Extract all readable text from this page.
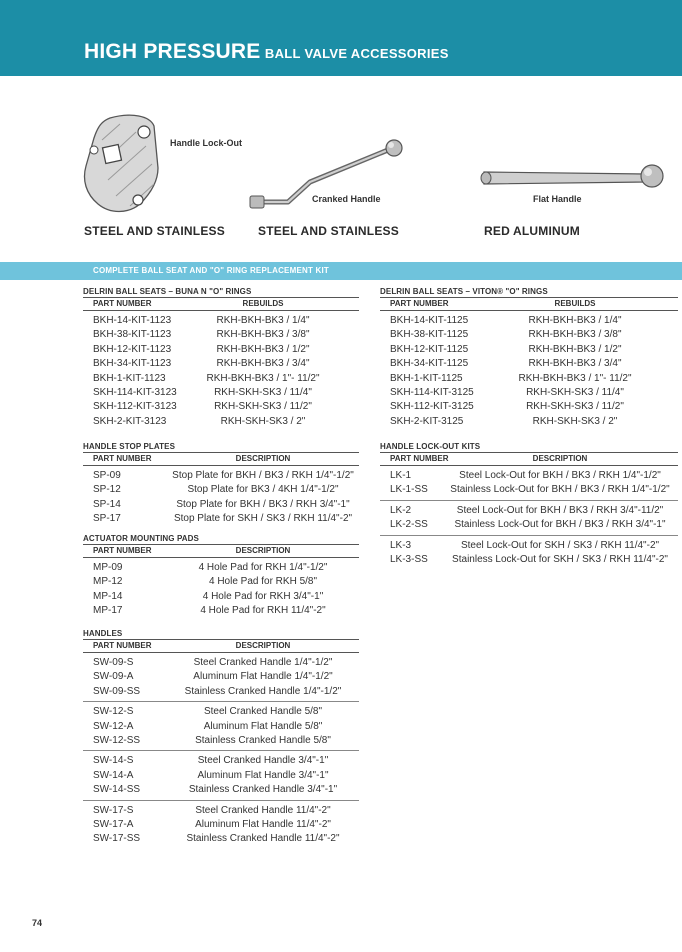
HIGH PRESSURE BALL VALVE ACCESSORIES
Handle Lock-Out
Cranked Handle	Flat Handle
STEEL AND STAINLESS	STEEL AND STAINLESS	RED ALUMINUM
COMPLETE BALL SEAT AND "O" RING REPLACEMENT KIT
DELRIN BALL SEATS – BUNA N "O" RINGS
PART NUMBER	REBUILDS
BKH-14-KIT-1123	RKH-BKH-BK3 / 1/4"
BKH-38-KIT-1123	RKH-BKH-BK3 / 3/8"
BKH-12-KIT-1123	RKH-BKH-BK3 / 1/2"
BKH-34-KIT-1123	RKH-BKH-BK3 / 3/4"
BKH-1-KIT-1123	RKH-BKH-BK3 / 1"- 11/2"
SKH-114-KIT-3123	RKH-SKH-SK3 / 11/4"
SKH-112-KIT-3123	RKH-SKH-SK3 / 11/2"
SKH-2-KIT-3123	RKH-SKH-SK3 / 2"
DELRIN BALL SEATS – VITON® "O" RINGS
PART NUMBER	REBUILDS
BKH-14-KIT-1125	RKH-BKH-BK3 / 1/4"
BKH-38-KIT-1125	RKH-BKH-BK3 / 3/8"
BKH-12-KIT-1125	RKH-BKH-BK3 / 1/2"
BKH-34-KIT-1125	RKH-BKH-BK3 / 3/4"
BKH-1-KIT-1125	RKH-BKH-BK3 / 1"- 11/2"
SKH-114-KIT-3125	RKH-SKH-SK3 / 11/4"
SKH-112-KIT-3125	RKH-SKH-SK3 / 11/2"
SKH-2-KIT-3125	RKH-SKH-SK3 / 2"
HANDLE STOP PLATES
PART NUMBER	DESCRIPTION
SP-09	Stop Plate for BKH / BK3 / RKH 1/4"-1/2"
SP-12	Stop Plate for BK3 / 4KH 1/4"-1/2"
SP-14	Stop Plate for BKH / BK3 / RKH 3/4"-1"
SP-17	Stop Plate for SKH / SK3 / RKH 11/4"-2"
HANDLE LOCK-OUT KITS
PART NUMBER	DESCRIPTION
LK-1	Steel Lock-Out for BKH / BK3 / RKH 1/4"-1/2"
LK-1-SS Stainless Lock-Out for BKH / BK3 / RKH 1/4"-1/2"
LK-2	Steel Lock-Out for BKH / BK3 / RKH 3/4"-11/2"
LK-2-SS	Stainless Lock-Out for BKH / BK3 / RKH 3/4"-1"
LK-3	Steel Lock-Out for SKH / SK3 / RKH 11/4"-2"
LK-3-SS Stainless Lock-Out for SKH / SK3 / RKH 11/4"-2"
ACTUATOR MOUNTING PADS
PART NUMBER	DESCRIPTION
MP-09	4 Hole Pad for RKH 1/4"-1/2"
MP-12	4 Hole Pad for RKH 5/8"
MP-14	4 Hole Pad for RKH 3/4"-1"
MP-17	4 Hole Pad for RKH 11/4"-2"
HANDLES
PART NUMBER	DESCRIPTION
SW-09-S	Steel Cranked Handle 1/4"-1/2"
SW-09-A	Aluminum Flat Handle 1/4"-1/2"
SW-09-SS	Stainless Cranked Handle 1/4"-1/2"
SW-12-S	Steel Cranked Handle 5/8"
SW-12-A	Aluminum Flat Handle 5/8"
SW-12-SS	Stainless Cranked Handle 5/8"
SW-14-S	Steel Cranked Handle 3/4"-1"
SW-14-A	Aluminum Flat Handle 3/4"-1"
SW-14-SS	Stainless Cranked Handle 3/4"-1"
SW-17-S	Steel Cranked Handle 11/4"-2"
SW-17-A	Aluminum Flat Handle 11/4"-2"
SW-17-SS	Stainless Cranked Handle 11/4"-2"
74
